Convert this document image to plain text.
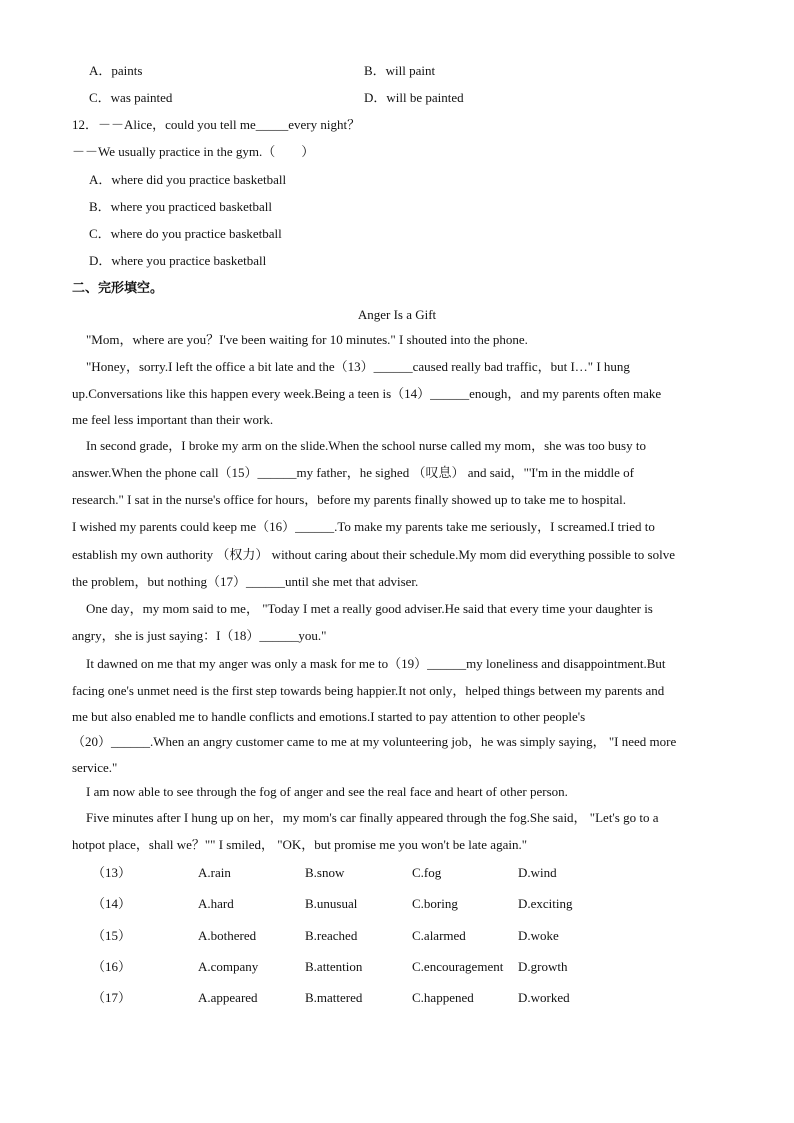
A．paints	B．will paint
C．was painted	D．will be painted
12．－－Alice，could you tell me_____every night？
－－We usually practice in the gym.（　　）
A．where did you practice basketball
B．where you practiced basketball
C．where do you practice basketball
D．where you practice basketball
二、完形填空。
Anger Is a Gift
"Mom，where are you？I've been waiting for 10 minutes." I shouted into the phone.
"Honey，sorry.I left the office a bit late and the（13）______caused really bad traffic，but I…" I hung
up.Conversations like this happen every week.Being a teen is（14）______enough，and my parents often make
me feel less important than their work.
In second grade，I broke my arm on the slide.When the school nurse called my mom，she was too busy to
answer.When the phone call（15）______my father，he sighed （叹息） and said，"'I'm in the middle of
research." I sat in the nurse's office for hours，before my parents finally showed up to take me to hospital.
I wished my parents could keep me（16）______.To make my parents take me seriously，I screamed.I tried to
establish my own authority （权力） without caring about their schedule.My mom did everything possible to solve
the problem，but nothing（17）______until she met that adviser.
One day，my mom said to me， "Today I met a really good adviser.He said that every time your daughter is
angry，she is just saying：I（18）______you."
It dawned on me that my anger was only a mask for me to（19）______my loneliness and disappointment.But
facing one's unmet need is the first step towards being happier.It not only，helped things between my parents and
me but also enabled me to handle conflicts and emotions.I started to pay attention to other people's
（20）______.When an angry customer came to me at my volunteering job，he was simply saying， "I need more
service."
I am now able to see through the fog of anger and see the real face and heart of other person.
Five minutes after I hung up on her，my mom's car finally appeared through the fog.She said， "Let's go to a
hotpot place，shall we？"" I smiled， "OK，but promise me you won't be late again."
（13）	A.rain	B.snow	C.fog	D.wind
（14）	A.hard	B.unusual	C.boring	D.exciting
（15）	A.bothered	B.reached	C.alarmed	D.woke
（16）	A.company	B.attention	C.encouragement D.growth
（17）	A.appeared	B.mattered	C.happened	D.worked
